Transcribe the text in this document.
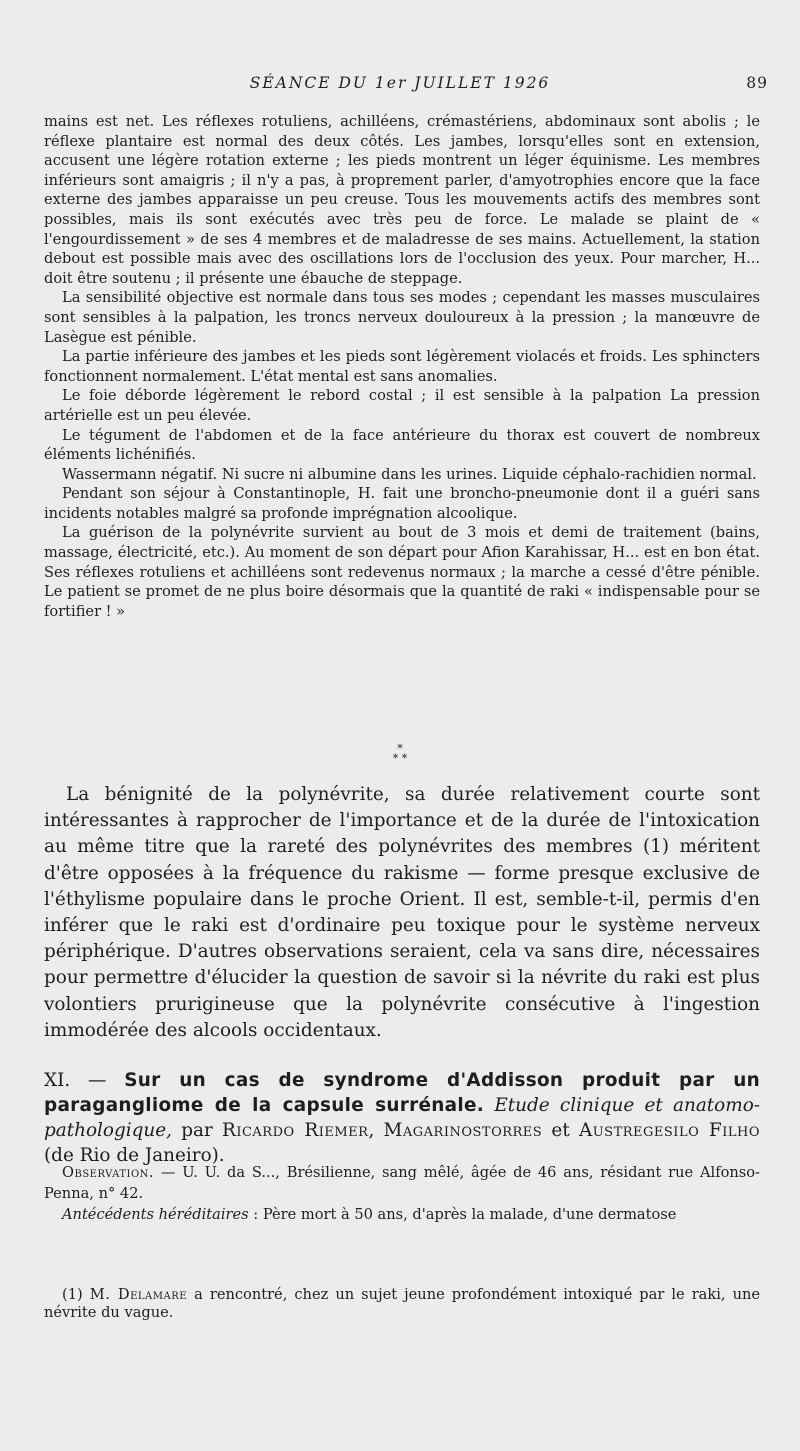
SÉANCE DU 1er JUILLET 1926	89

mains est net. Les réflexes rotuliens, achilléens, crémastériens, abdominaux sont abolis ; le réflexe plantaire est normal des deux côtés. Les jambes, lorsqu'elles sont en extension, accusent une légère rotation externe ; les pieds montrent un léger équinisme. Les membres inférieurs sont amaigris ; il n'y a pas, à proprement parler, d'amyotrophies encore que la face externe des jambes apparaisse un peu creuse. Tous les mouvements actifs des membres sont possibles, mais ils sont exécutés avec très peu de force. Le malade se plaint de « l'engourdissement » de ses 4 membres et de maladresse de ses mains. Actuellement, la station debout est possible mais avec des oscillations lors de l'occlusion des yeux. Pour marcher, H... doit être soutenu ; il présente une ébauche de steppage.

La sensibilité objective est normale dans tous ses modes ; cependant les masses musculaires sont sensibles à la palpation, les troncs nerveux douloureux à la pression ; la manœuvre de Lasègue est pénible.

La partie inférieure des jambes et les pieds sont légèrement violacés et froids. Les sphincters fonctionnent normalement. L'état mental est sans anomalies.

Le foie déborde légèrement le rebord costal ; il est sensible à la palpation La pression artérielle est un peu élevée.

Le tégument de l'abdomen et de la face antérieure du thorax est couvert de nombreux éléments lichénifiés.

Wassermann négatif. Ni sucre ni albumine dans les urines. Liquide céphalo-rachidien normal.

Pendant son séjour à Constantinople, H. fait une broncho-pneumonie dont il a guéri sans incidents notables malgré sa profonde imprégnation alcoolique.

La guérison de la polynévrite survient au bout de 3 mois et demi de traitement (bains, massage, électricité, etc.). Au moment de son départ pour Afion Karahissar, H... est en bon état. Ses réflexes rotuliens et achilléens sont redevenus normaux ; la marche a cessé d'être pénible. Le patient se promet de ne plus boire désormais que la quantité de raki « indispensable pour se fortifier ! »

*
* *

La bénignité de la polynévrite, sa durée relativement courte sont intéressantes à rapprocher de l'importance et de la durée de l'intoxication au même titre que la rareté des polynévrites des membres (1) méritent d'être opposées à la fréquence du rakisme — forme presque exclusive de l'éthylisme populaire dans le proche Orient. Il est, semble-t-il, permis d'en inférer que le raki est d'ordinaire peu toxique pour le système nerveux périphérique. D'autres observations seraient, cela va sans dire, nécessaires pour permettre d'élucider la question de savoir si la névrite du raki est plus volontiers prurigineuse que la polynévrite consécutive à l'ingestion immodérée des alcools occidentaux.

XI. — Sur un cas de syndrome d'Addisson produit par un paragangliome de la capsule surrénale. Etude clinique et anatomo-pathologique, par Ricardo Riemer, Magarinostorres et Austregesilo Filho (de Rio de Janeiro).

Observation. — U. U. da S..., Brésilienne, sang mêlé, âgée de 46 ans, résidant rue Alfonso-Penna, n° 42.

Antécédents héréditaires : Père mort à 50 ans, d'après la malade, d'une dermatose

(1) M. Delamare a rencontré, chez un sujet jeune profondément intoxiqué par le raki, une névrite du vague.
